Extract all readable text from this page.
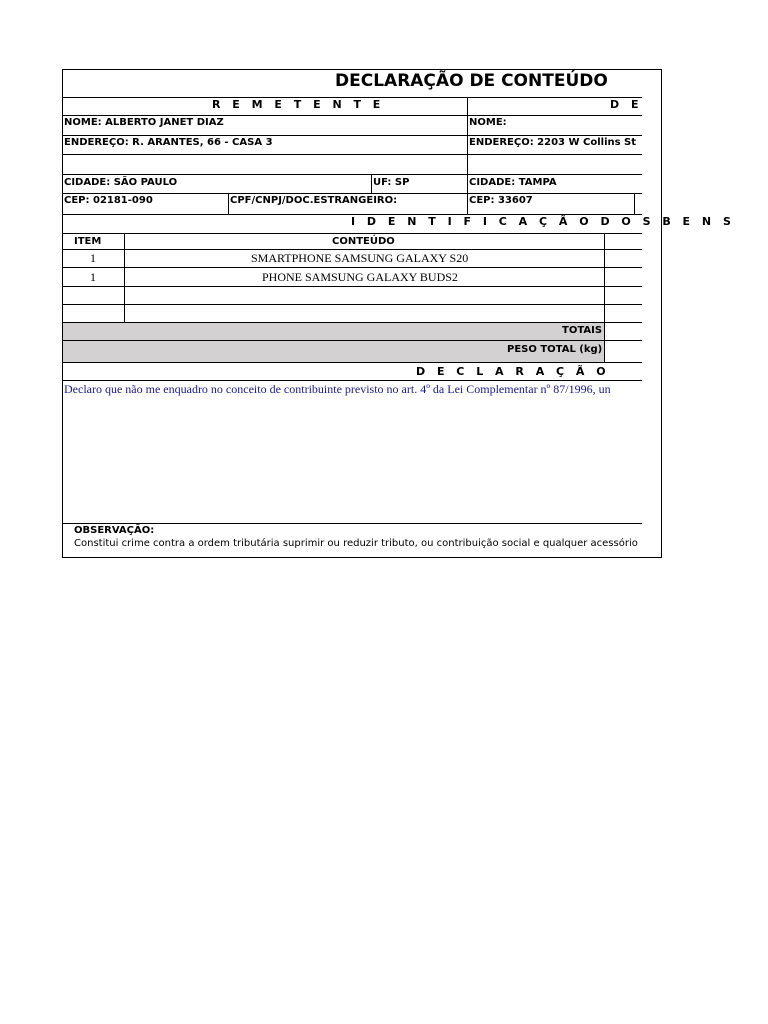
DECLARAÇÃO DE CONTEÚDO
R E M E T E N T E	D E
NOME: ALBERTO JANET DIAZ	NOME:
ENDEREÇO: R. ARANTES, 66 - CASA 3	ENDEREÇO: 2203 W Collins St
CIDADE: SÃO PAULO	UF: SP	CIDADE: TAMPA
CEP: 02181-090	CPF/CNPJ/DOC.ESTRANGEIRO:	CEP: 33607
I D E N T I F I C A Ç Ã O D O S B E N S
ITEM	CONTEÚDO
1	SMARTPHONE SAMSUNG GALAXY S20
1	PHONE SAMSUNG GALAXY BUDS2
TOTAIS
PESO TOTAL (kg)
D E C L A R A Ç Ã O
Declaro que não me enquadro no conceito de contribuinte previsto no art. 4º da Lei Complementar nº 87/1996, un
OBSERVAÇÃO:
Constitui crime contra a ordem tributária suprimir ou reduzir tributo, ou contribuição social e qualquer acessório
